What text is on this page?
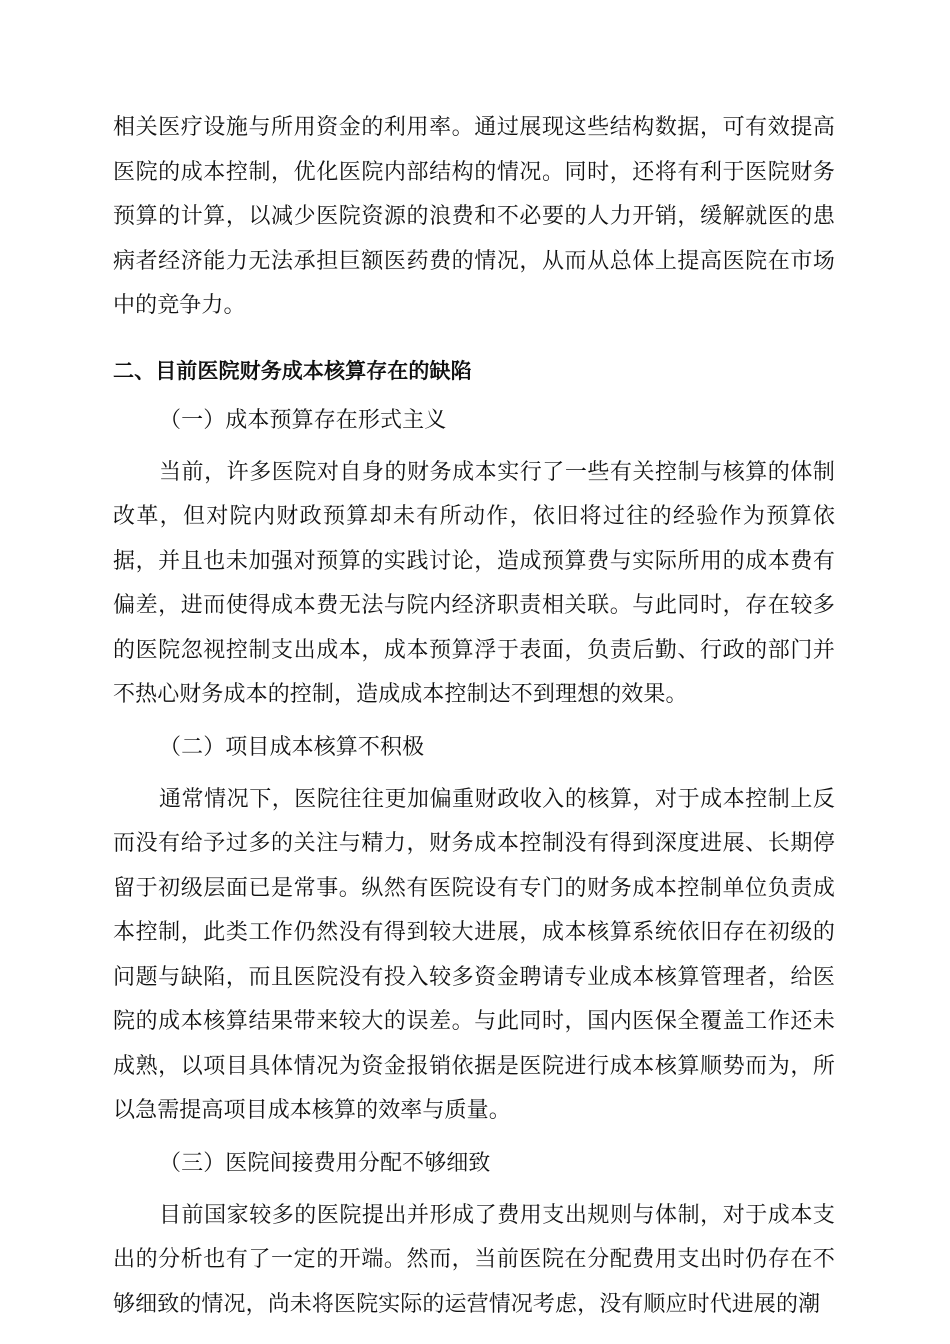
相关医疗设施与所用资金的利用率。通过展现这些结构数据，可有效提高医院的成本控制，优化医院内部结构的情况。同时，还将有利于医院财务预算的计算，以减少医院资源的浪费和不必要的人力开销，缓解就医的患病者经济能力无法承担巨额医药费的情况，从而从总体上提高医院在市场中的竞争力。

二、目前医院财务成本核算存在的缺陷

（一）成本预算存在形式主义

当前，许多医院对自身的财务成本实行了一些有关控制与核算的体制改革，但对院内财政预算却未有所动作，依旧将过往的经验作为预算依据，并且也未加强对预算的实践讨论，造成预算费与实际所用的成本费有偏差，进而使得成本费无法与院内经济职责相关联。与此同时，存在较多的医院忽视控制支出成本，成本预算浮于表面，负责后勤、行政的部门并不热心财务成本的控制，造成成本控制达不到理想的效果。

（二）项目成本核算不积极

通常情况下，医院往往更加偏重财政收入的核算，对于成本控制上反而没有给予过多的关注与精力，财务成本控制没有得到深度进展、长期停留于初级层面已是常事。纵然有医院设有专门的财务成本控制单位负责成本控制，此类工作仍然没有得到较大进展，成本核算系统依旧存在初级的问题与缺陷，而且医院没有投入较多资金聘请专业成本核算管理者，给医院的成本核算结果带来较大的误差。与此同时，国内医保全覆盖工作还未成熟，以项目具体情况为资金报销依据是医院进行成本核算顺势而为，所以急需提高项目成本核算的效率与质量。

（三）医院间接费用分配不够细致

目前国家较多的医院提出并形成了费用支出规则与体制，对于成本支出的分析也有了一定的开端。然而，当前医院在分配费用支出时仍存在不够细致的情况，尚未将医院实际的运营情况考虑，没有顺应时代进展的潮
